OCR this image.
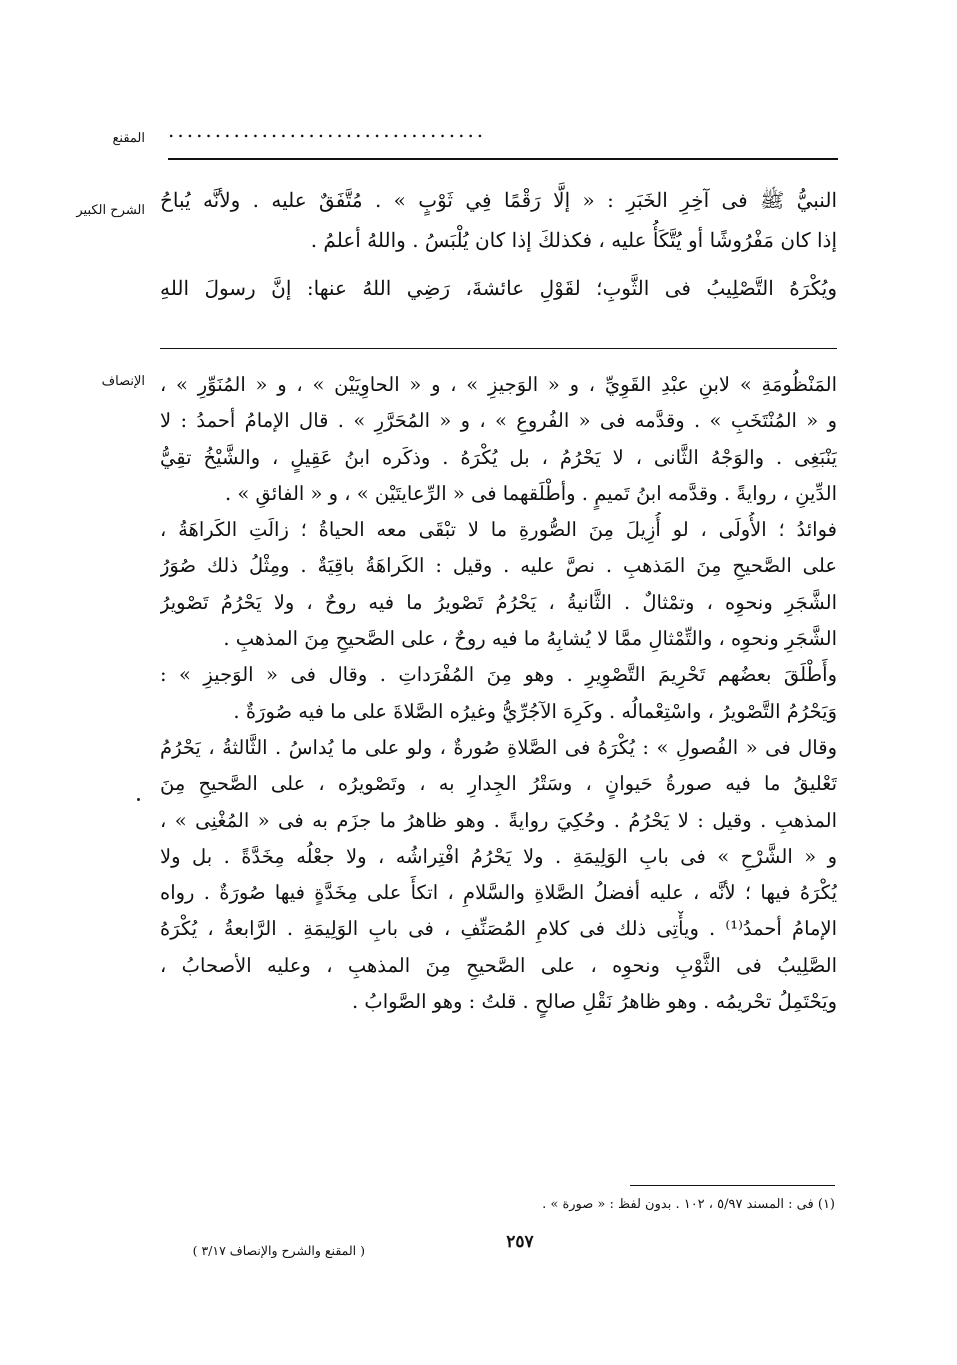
..................................
المقنع
الشرح الكبير
الإنصاف
النبيُّ ﷺ فى آخِرِ الخَبَرِ : « إلَّا رَقْمًا فِي ثَوْبٍ » . مُتَّفَقٌ عليه . ولأنَّه يُباحُ
إذا كان مَفْرُوشًا أو يُتَّكَأُ عليه ، فكذلكَ إذا كان يُلْبَسُ . واللهُ أعلمُ .
ويُكْرَهُ التَّصْلِيبُ فى الثَّوبِ؛ لقَوْلِ عائشةَ، رَضِي اللهُ عنها: إنَّ رسولَ اللهِ
المَنْظُومَةِ » لابنِ عبْدِ القَوِيِّ ، و « الوَجيزِ » ، و « الحاوِيَيْن » ، و « المُنَوِّرِ » ،
و « المُنْتَخَبِ » . وقدَّمه فى « الفُروعِ » ، و « المُحَرَّرِ » . قال الإمامُ أحمدُ : لا
يَنْبَغِى . والوَجْهُ الثَّانى ، لا يَحْرُمُ ، بل يُكْرَهُ . وذكَره ابنُ عَقِيلٍ ، والشَّيْخُ تقِيُّ
الدِّينِ ، روايةً . وقدَّمه ابنُ تَميمٍ . وأطْلَقهما فى « الرِّعايتَيْن » ، و « الفائقِ » .
فوائدُ ؛ الأُولَى ، لو أُزِيلَ مِنَ الصُّورةِ ما لا تبْقَى معه الحياةُ ؛ زالَتِ الكَراهَةُ ،
على الصَّحيحِ مِنَ المَذهبِ . نصَّ عليه . وقيل : الكَراهَةُ باقِيَةٌ . ومِثْلُ ذلك صُوَرُ
الشَّجَرِ ونحوِه ، وتمْثالٌ . الثَّانيةُ ، يَحْرُمُ تَصْويرُ ما فيه روحٌ ، ولا يَحْرُمُ تَصْويرُ
الشَّجَرِ ونحوِه ، والتِّمْثالِ ممَّا لا يُشابِهُ ما فيه روحٌ ، على الصَّحيحِ مِنَ المذهبِ .
وأَطْلَقَ بعضُهم تَحْرِيمَ التَّصْوِيرِ . وهو مِنَ المُفْرَداتِ . وقال فى « الوَجيزِ » :
وَيَحْرُمُ التَّصْويرُ ، واسْتِعْمالُه . وكَرِهَ الآجُرِّيُّ وغيرُه الصَّلاةَ على ما فيه صُورَةٌ .
وقال فى « الفُصولِ » : يُكْرَهُ فى الصَّلاةِ صُورةٌ ، ولو على ما يُداسُ . الثَّالثةُ ، يَحْرُمُ
تَعْليقُ ما فيه صورةُ حَيوانٍ ، وسَتْرُ الجِدارِ به ، وتَصْويرُه ، على الصَّحيحِ مِنَ
المذهبِ . وقيل : لا يَحْرُمُ . وحُكِيَ روايةً . وهو ظاهرُ ما جزَم به فى « المُغْنِى » ،
و « الشَّرْحِ » فى بابِ الوَلِيمَةِ . ولا يَحْرُمُ افْتِراشُه ، ولا جعْلُه مِخَدَّةً . بل ولا
يُكْرَهُ فيها ؛ لأنَّه ، عليه أفضلُ الصَّلاةِ والسَّلامِ ، اتكأَ على مِخَدَّةٍ فيها صُورَةٌ . رواه
الإمامُ أحمدُ⁽¹⁾ . ويأْتِى ذلك فى كلامِ المُصَنِّفِ ، فى بابِ الوَلِيمَةِ . الرَّابعةُ ، يُكْرَهُ
الصَّلِيبُ فى الثَّوْبِ ونحوِه ، على الصَّحيحِ مِنَ المذهبِ ، وعليه الأصحابُ ،
ويَحْتَمِلُ تحْريمُه . وهو ظاهرُ نَقْلِ صالحٍ . قلتُ : وهو الصَّوابُ .
(١) فى : المسند ٥/٩٧ ، ١٠٢ . بدون لفظ : « صورة » .
٢٥٧
( المقنع والشرح والإنصاف ٣/١٧ )
